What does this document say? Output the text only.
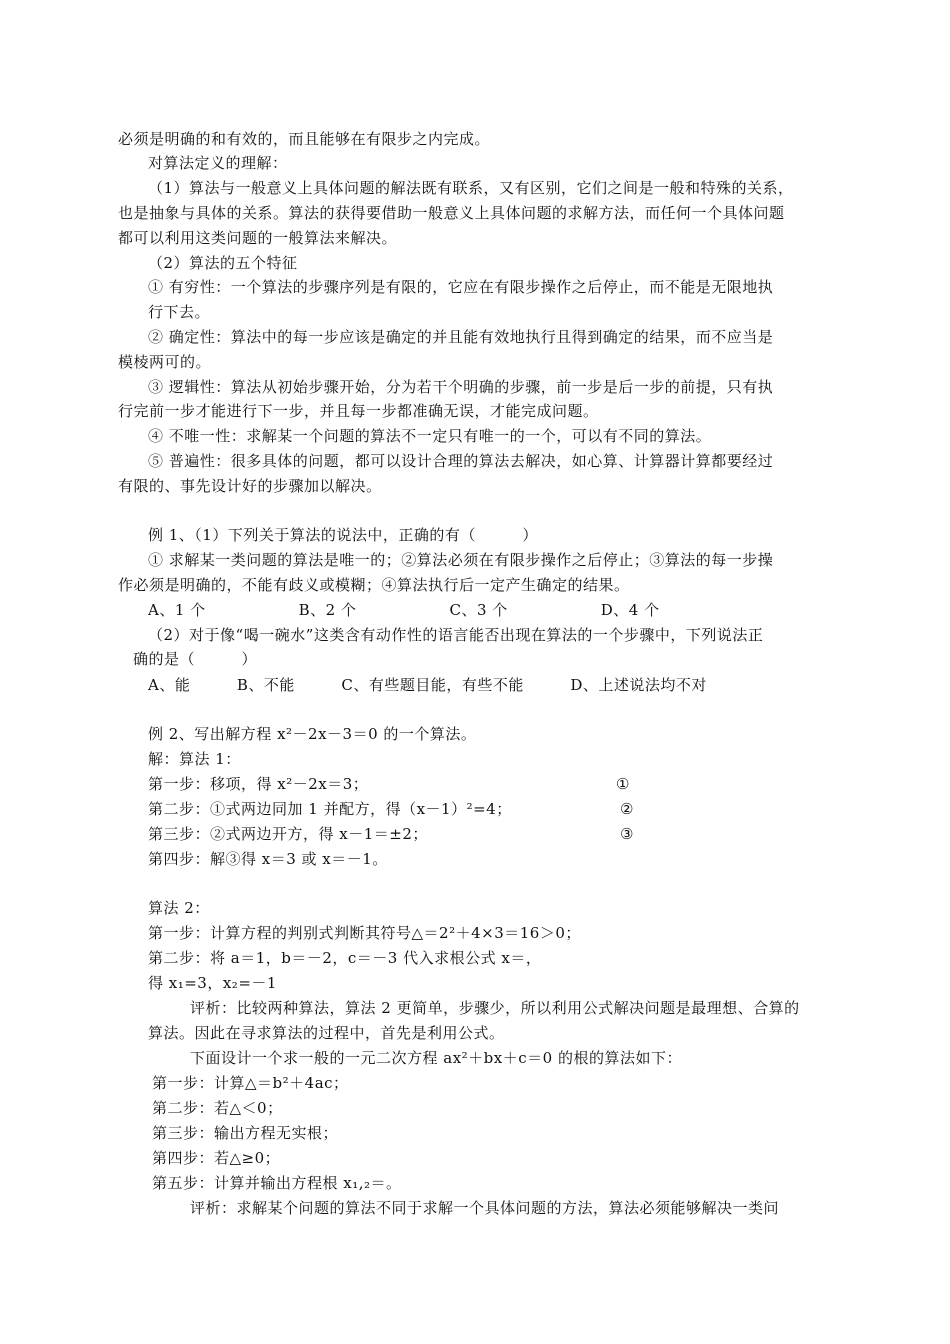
必须是明确的和有效的，而且能够在有限步之内完成。
对算法定义的理解：
（1）算法与一般意义上具体问题的解法既有联系，又有区别，它们之间是一般和特殊的关系，
也是抽象与具体的关系。算法的获得要借助一般意义上具体问题的求解方法，而任何一个具体问题
都可以利用这类问题的一般算法来解决。
（2）算法的五个特征
① 有穷性：一个算法的步骤序列是有限的，它应在有限步操作之后停止，而不能是无限地执
行下去。
② 确定性：算法中的每一步应该是确定的并且能有效地执行且得到确定的结果，而不应当是
模棱两可的。
③ 逻辑性：算法从初始步骤开始，分为若干个明确的步骤，前一步是后一步的前提，只有执
行完前一步才能进行下一步，并且每一步都准确无误，才能完成问题。
④ 不唯一性：求解某一个问题的算法不一定只有唯一的一个，可以有不同的算法。
⑤ 普遍性：很多具体的问题，都可以设计合理的算法去解决，如心算、计算器计算都要经过
有限的、事先设计好的步骤加以解决。
例 1、（1）下列关于算法的说法中，正确的有（　　　）
① 求解某一类问题的算法是唯一的；②算法必须在有限步操作之后停止；③算法的每一步操
作必须是明确的，不能有歧义或模糊；④算法执行后一定产生确定的结果。
A、1 个　　　　　　B、2 个　　　　　　C、3 个　　　　　　D、4 个
（2）对于像“喝一碗水”这类含有动作性的语言能否出现在算法的一个步骤中，下列说法正
确的是（　　　）
A、能　　　B、不能　　　C、有些题目能，有些不能　　　D、上述说法均不对
例 2、写出解方程 x²－2x－3＝0 的一个算法。
解：算法 1：
第一步：移项，得 x²－2x＝3；	①
第二步：①式两边同加 1 并配方，得（x－1）²=4；	②
第三步：②式两边开方，得 x－1＝±2；	③
第四步：解③得 x＝3 或 x＝－1。
算法 2：
第一步：计算方程的判别式判断其符号△＝2²＋4×3＝16＞0；
第二步：将 a＝1，b＝－2，c＝－3 代入求根公式 x＝，
得 x₁=3，x₂=－1
评析：比较两种算法，算法 2 更简单，步骤少，所以利用公式解决问题是最理想、合算的
算法。因此在寻求算法的过程中，首先是利用公式。
下面设计一个求一般的一元二次方程 ax²＋bx＋c＝0 的根的算法如下：
第一步：计算△＝b²＋4ac；
第二步：若△＜0；
第三步：输出方程无实根；
第四步：若△≥0；
第五步：计算并输出方程根 x₁,₂＝。
评析：求解某个问题的算法不同于求解一个具体问题的方法，算法必须能够解决一类问
